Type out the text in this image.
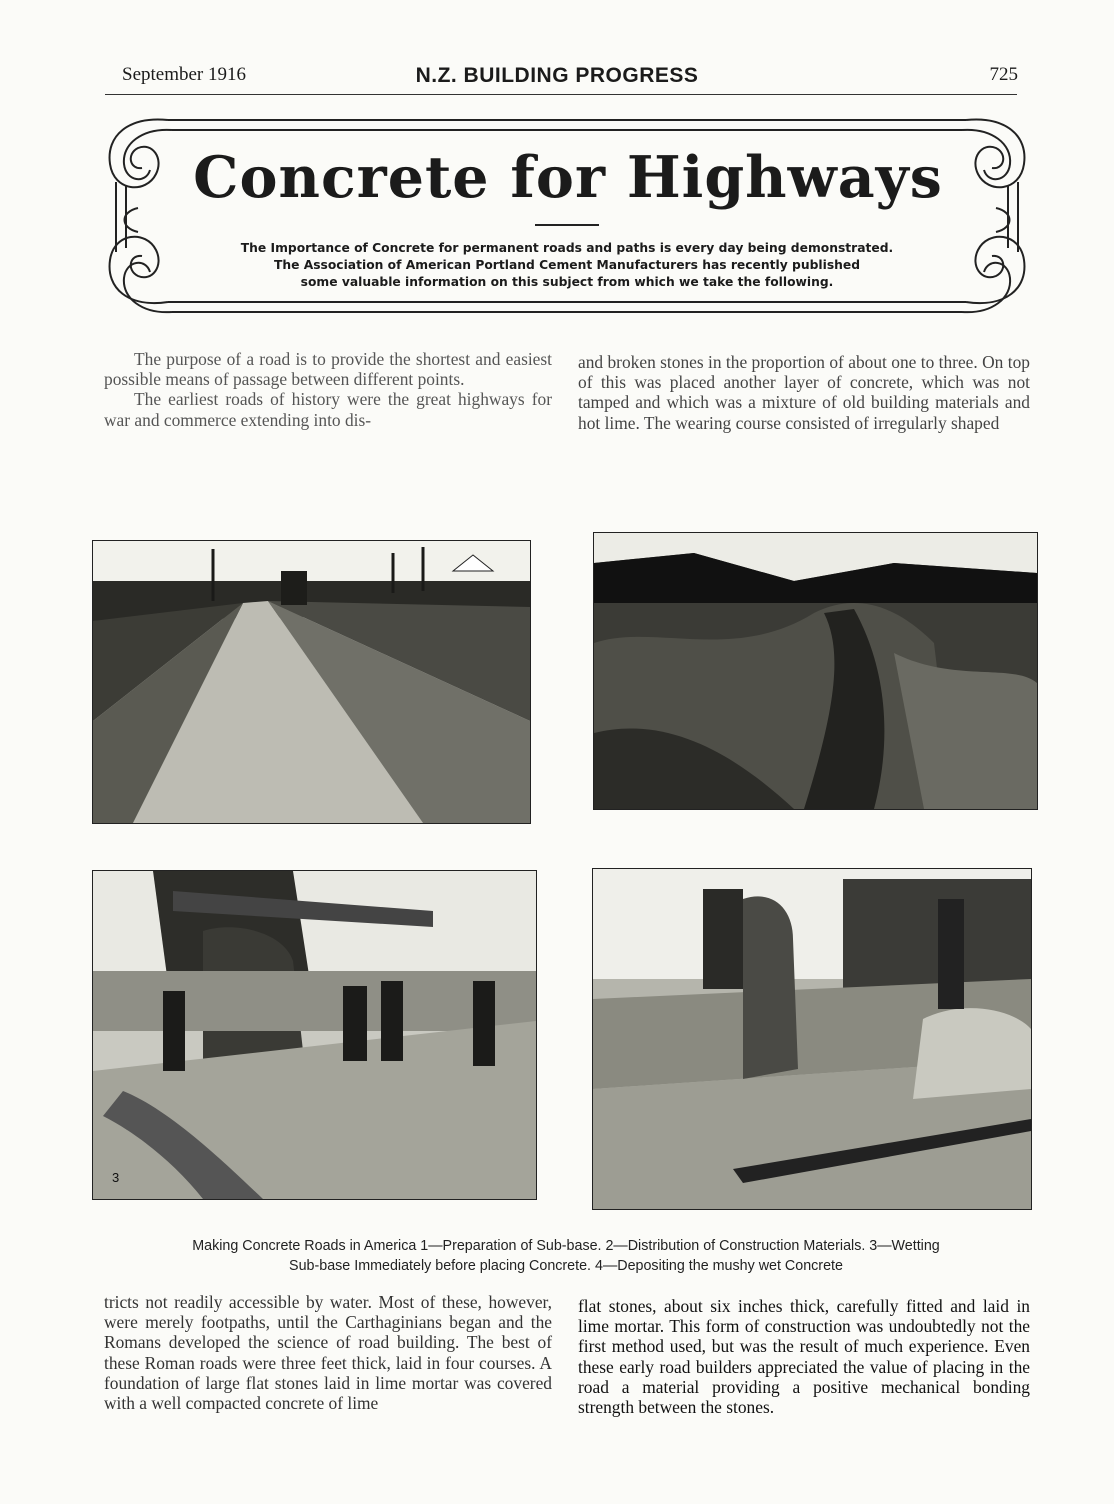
September 1916	N.Z. BUILDING PROGRESS	725
Concrete for Highways
The Importance of Concrete for permanent roads and paths is every day being demonstrated.
The Association of American Portland Cement Manufacturers has recently published
some valuable information on this subject from which we take the following.

The purpose of a road is to provide the shortest and easiest possible means of passage between different points.

The earliest roads of history were the great highways for war and commerce extending into dis-

and broken stones in the proportion of about one to three. On top of this was placed another layer of concrete, which was not tamped and which was a mixture of old building materials and hot lime. The wearing course consisted of irregularly shaped

3
Making Concrete Roads in America 1—Preparation of Sub-base. 2—Distribution of Construction Materials. 3—Wetting
Sub-base Immediately before placing Concrete. 4—Depositing the mushy wet Concrete

tricts not readily accessible by water. Most of these, however, were merely footpaths, until the Carthaginians began and the Romans developed the science of road building. The best of these Roman roads were three feet thick, laid in four courses. A foundation of large flat stones laid in lime mortar was covered with a well compacted concrete of lime

flat stones, about six inches thick, carefully fitted and laid in lime mortar. This form of construction was undoubtedly not the first method used, but was the result of much experience. Even these early road builders appreciated the value of placing in the road a material providing a positive mechanical bonding strength between the stones.
